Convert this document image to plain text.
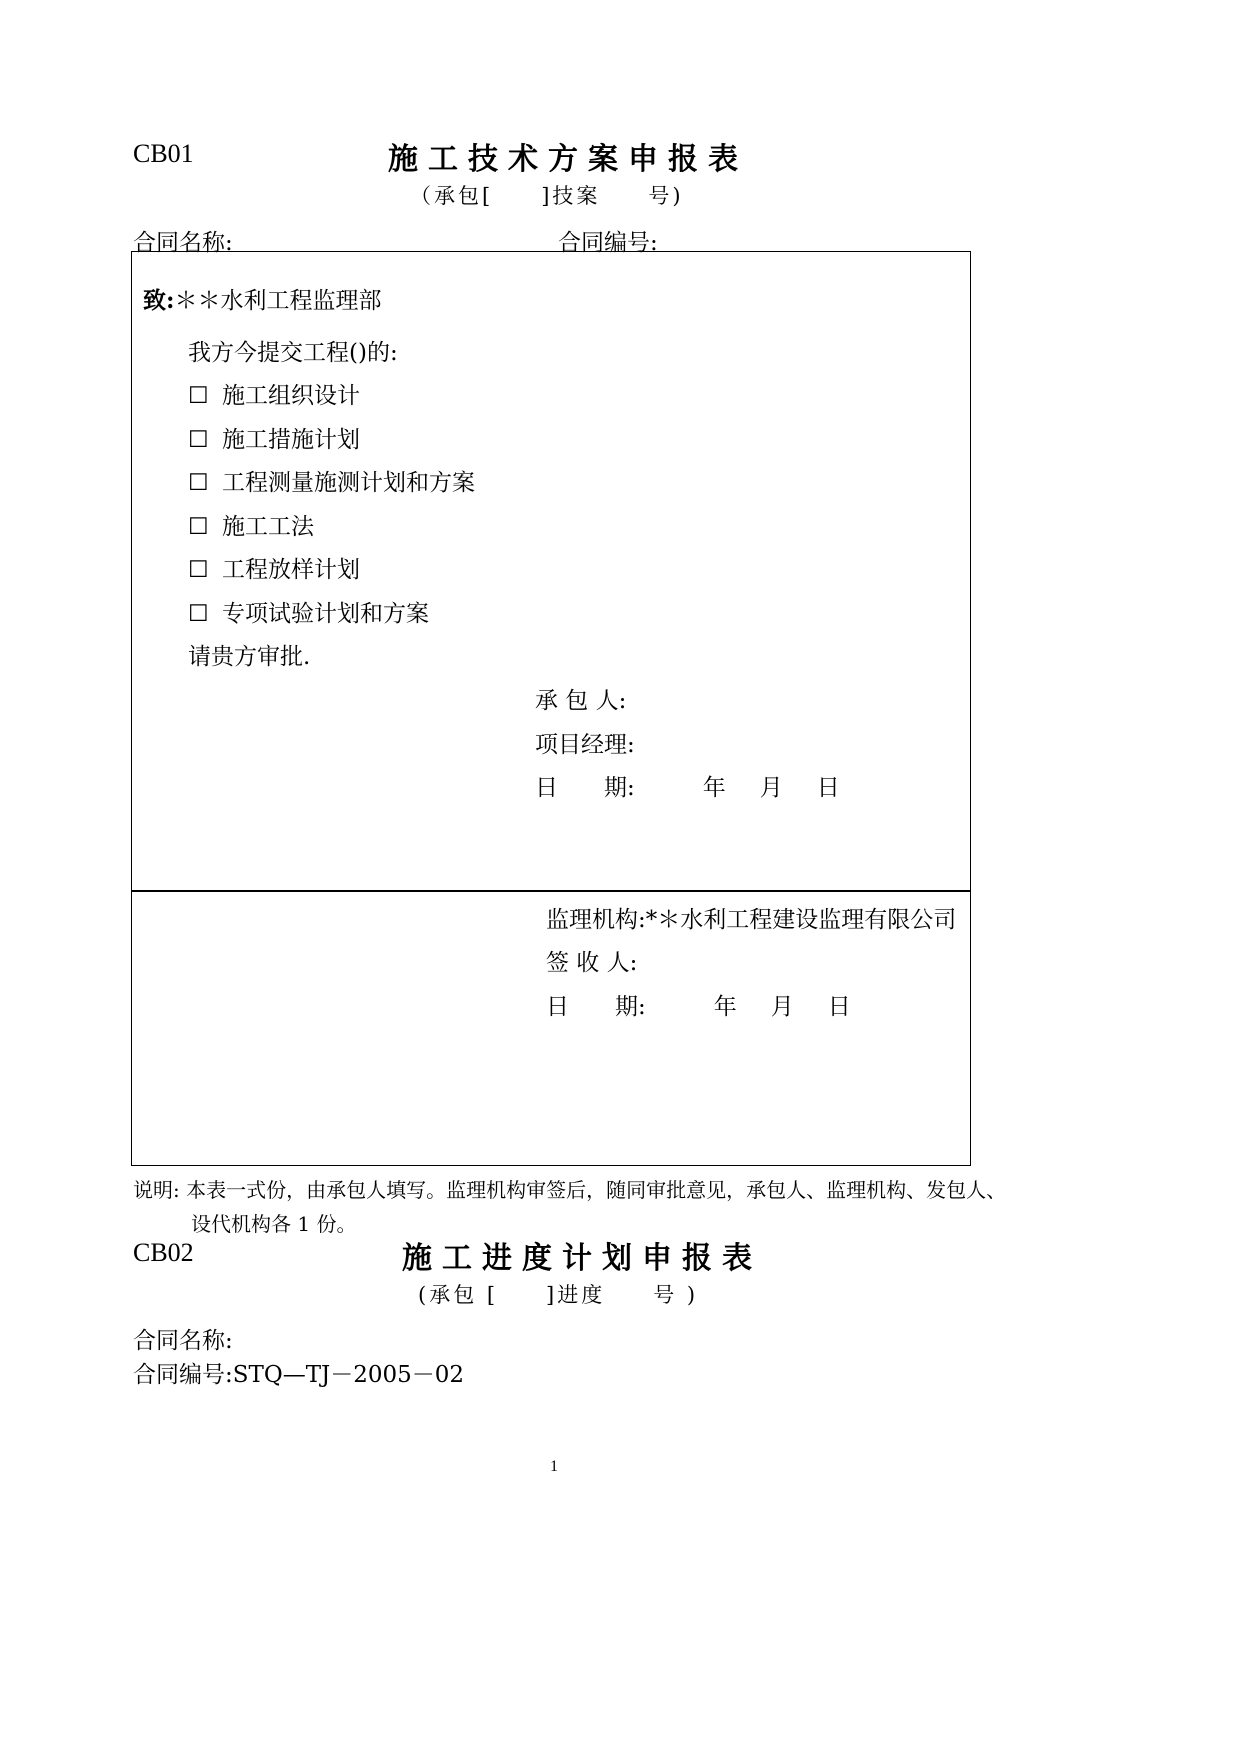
CB01	施工技术方案申报表
（承包[　　]技案　　号)
合同名称:	合同编号:
致:＊＊水利工程监理部
我方今提交工程()的:
☐ 施工组织设计
☐ 施工措施计划
☐ 工程测量施测计划和方案
☐ 施工工法
☐ 工程放样计划
☐ 专项试验计划和方案
请贵方审批.
承 包 人:
项目经理:
日　　期:	年 月 日
监理机构:*＊水利工程建设监理有限公司
签 收 人:
日　　期:	年 月 日
说明: 本表一式份，由承包人填写。监理机构审签后，随同审批意见，承包人、监理机构、发包人、
设代机构各 1 份。
CB02	施工进度计划申报表
(承包 [　　]进度　　号 )
合同名称:
合同编号:STQ—TJ－2005－02
1
